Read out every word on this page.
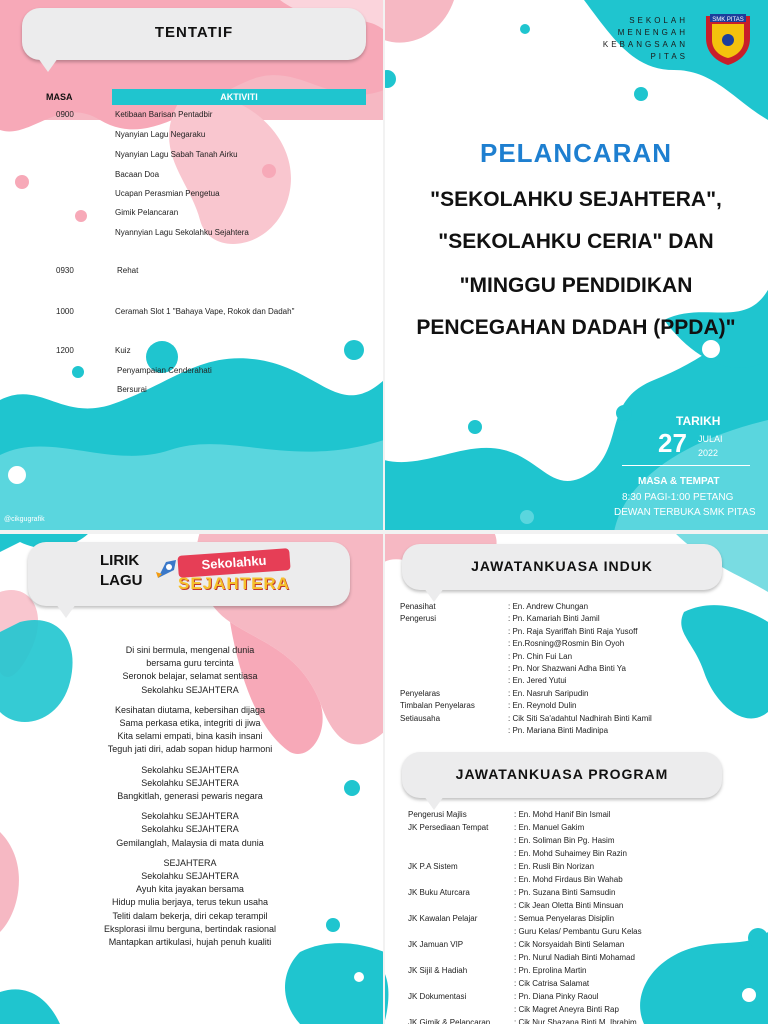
TENTATIF
MASA	AKTIVITI
0900	Ketibaan Barisan Pentadbir
Nyanyian Lagu Negaraku
Nyanyian Lagu Sabah Tanah Airku
Bacaan Doa
Ucapan Perasmian Pengetua
Gimik Pelancaran
Nyannyian Lagu Sekolahku Sejahtera
0930	Rehat
1000	Ceramah Slot 1 "Bahaya Vape, Rokok dan Dadah"
1200	Kuiz
Penyampaian Cenderahati
Bersurai
@cikgugrafik
SEKOLAH
MENENGAH
KEBANGSAAN
PITAS
SMK PITAS
PELANCARAN
"SEKOLAHKU SEJAHTERA",
"SEKOLAHKU CERIA" DAN
"MINGGU PENDIDIKAN
PENCEGAHAN DADAH (PPDA)"
TARIKH
27 JULAI
2022
MASA & TEMPAT
8:30 PAGI-1:00 PETANG
DEWAN TERBUKA SMK PITAS
LIRIK
LAGU
Sekolahku
SEJAHTERA
Di sini bermula, mengenal dunia
bersama guru tercinta
Seronok belajar, selamat sentiasa
Sekolahku SEJAHTERA
Kesihatan diutama, kebersihan dijaga
Sama perkasa etika, integriti di jiwa
Kita selami empati, bina kasih insani
Teguh jati diri, adab sopan hidup harmoni
Sekolahku SEJAHTERA
Sekolahku SEJAHTERA
Bangkitlah, generasi pewaris negara
Sekolahku SEJAHTERA
Sekolahku SEJAHTERA
Gemilanglah, Malaysia di mata dunia
SEJAHTERA
Sekolahku SEJAHTERA
Ayuh kita jayakan bersama
Hidup mulia berjaya, terus tekun usaha
Teliti dalam bekerja, diri cekap terampil
Eksplorasi ilmu berguna, bertindak rasional
Mantapkan artikulasi, hujah penuh kualiti
JAWATANKUASA INDUK
Penasihat	: En. Andrew Chungan
Pengerusi	: Pn. Kamariah Binti Jamil
: Pn. Raja Syariffah Binti Raja Yusoff
: En.Rosning@Rosmin Bin Oyoh
: Pn. Chin Fui Lan
: Pn. Nor Shazwani Adha Binti Ya
: En. Jered Yutui
Penyelaras	: En. Nasruh Saripudin
Timbalan Penyelaras	: En. Reynold Dulin
Setiausaha	: Cik Siti Sa'adahtul Nadhirah Binti Kamil
: Pn. Mariana Binti Madinipa
JAWATANKUASA PROGRAM
Pengerusi Majlis	: En. Mohd Hanif Bin Ismail
JK Persediaan Tempat	: En. Manuel Gakim
: En. Soliman Bin Pg. Hasim
: En. Mohd Suhaimey Bin Razin
JK P.A Sistem	: En. Rusli Bin Norizan
: En. Mohd Firdaus Bin Wahab
JK Buku Aturcara	: Pn. Suzana Binti Samsudin
: Cik Jean Oletta Binti Minsuan
JK Kawalan Pelajar	: Semua Penyelaras Disiplin
: Guru Kelas/ Pembantu Guru Kelas
JK Jamuan VIP	: Cik Norsyaidah Binti Selaman
: Pn. Nurul Nadiah Binti Mohamad
JK Sijil & Hadiah	: Pn. Eprolina Martin
: Cik Catrisa Salamat
JK Dokumentasi	: Pn. Diana Pinky Raoul
: Cik Magret Aneyra Binti Rap
JK Gimik & Pelancaran	: Cik Nur Shazana Binti M. Ibrahim
